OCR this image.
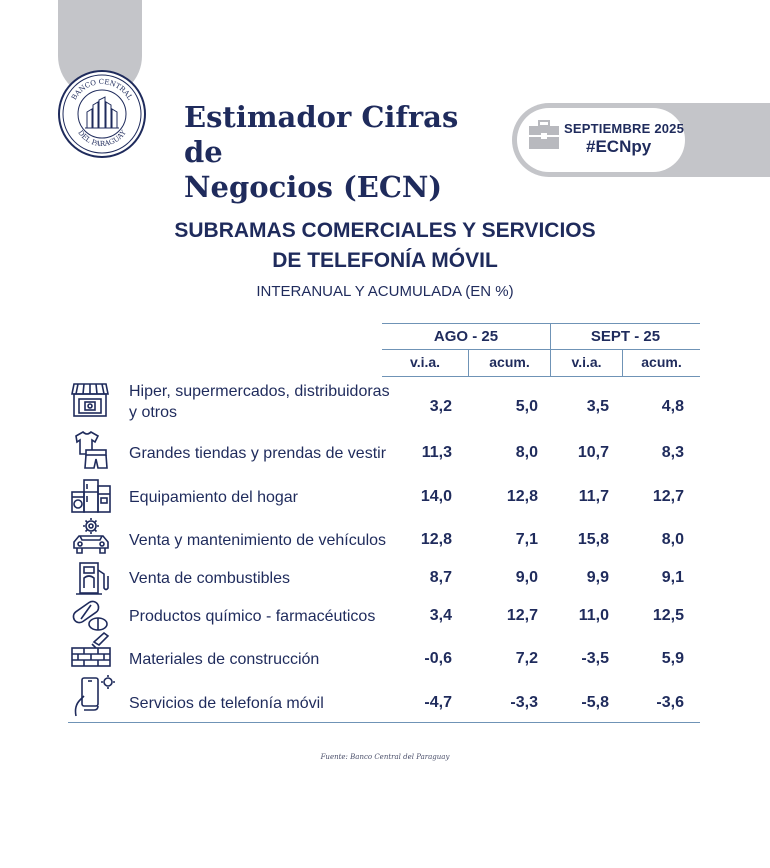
BANCO CENTRAL
DEL PARAGUAY Estimador Cifras de
Negocios (ECN)
SEPTIEMBRE 2025
#ECNpy
SUBRAMAS COMERCIALES Y SERVICIOS
DE TELEFONÍA MÓVIL
INTERANUAL Y ACUMULADA (EN %)
AGO - 25	SEPT - 25
v.i.a.	acum.	v.i.a.	acum.
Hiper, supermercados, distribuidoras y otros	3,2	5,0	3,5	4,8
Grandes tiendas y prendas de vestir	11,3	8,0	10,7	8,3
Equipamiento del hogar	14,0	12,8	11,7	12,7
Venta y mantenimiento de vehículos	12,8	7,1	15,8	8,0
Venta de combustibles	8,7	9,0	9,9	9,1
Productos químico - farmacéuticos	3,4	12,7	11,0	12,5
Materiales de construcción	-0,6	7,2	-3,5	5,9
Servicios de telefonía móvil	-4,7	-3,3	-5,8	-3,6
Fuente: Banco Central del Paraguay
